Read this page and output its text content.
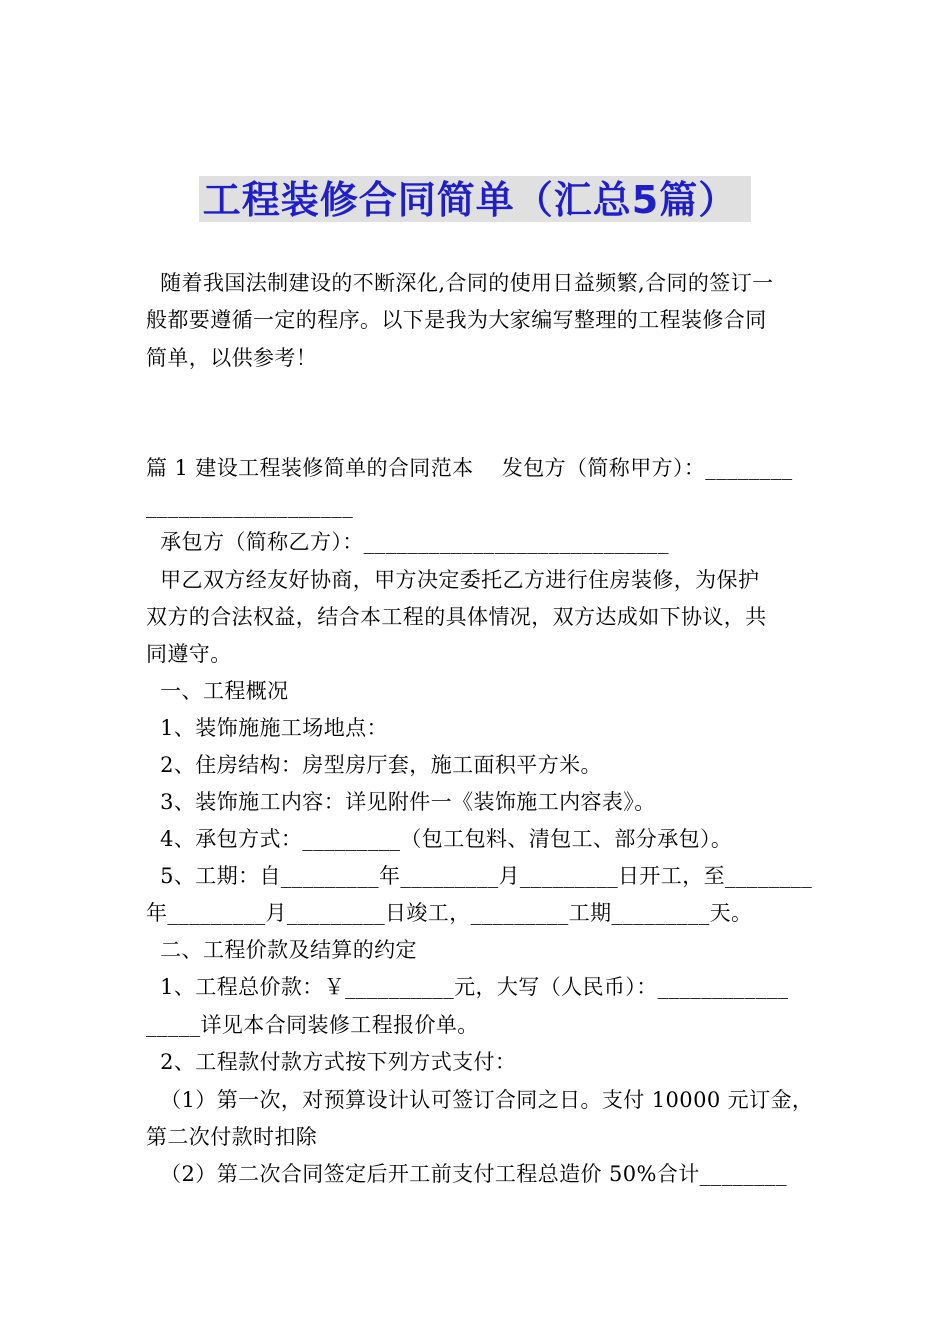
工程装修合同简单（汇总5篇）
随着我国法制建设的不断深化,合同的使用日益频繁,合同的签订一
般都要遵循一定的程序。以下是我为大家编写整理的工程装修合同
简单，以供参考！
篇 1 建设工程装修简单的合同范本    发包方（简称甲方）：________
___________________
承包方（简称乙方）：____________________________
甲乙双方经友好协商，甲方决定委托乙方进行住房装修，为保护
双方的合法权益，结合本工程的具体情况，双方达成如下协议，共
同遵守。
一、工程概况
1、装饰施施工场地点：
2、住房结构：房型房厅套，施工面积平方米。
3、装饰施工内容：详见附件一《装饰施工内容表》。
4、承包方式：_________（包工包料、清包工、部分承包）。
5、工期：自_________年_________月_________日开工，至________
年_________月_________日竣工，_________工期_________天。
二、工程价款及结算的约定
1、工程总价款：￥__________元，大写（人民币）：____________
_____详见本合同装修工程报价单。
2、工程款付款方式按下列方式支付：
（1）第一次，对预算设计认可签订合同之日。支付 10000 元订金，
第二次付款时扣除
（2）第二次合同签定后开工前支付工程总造价 50%合计________
